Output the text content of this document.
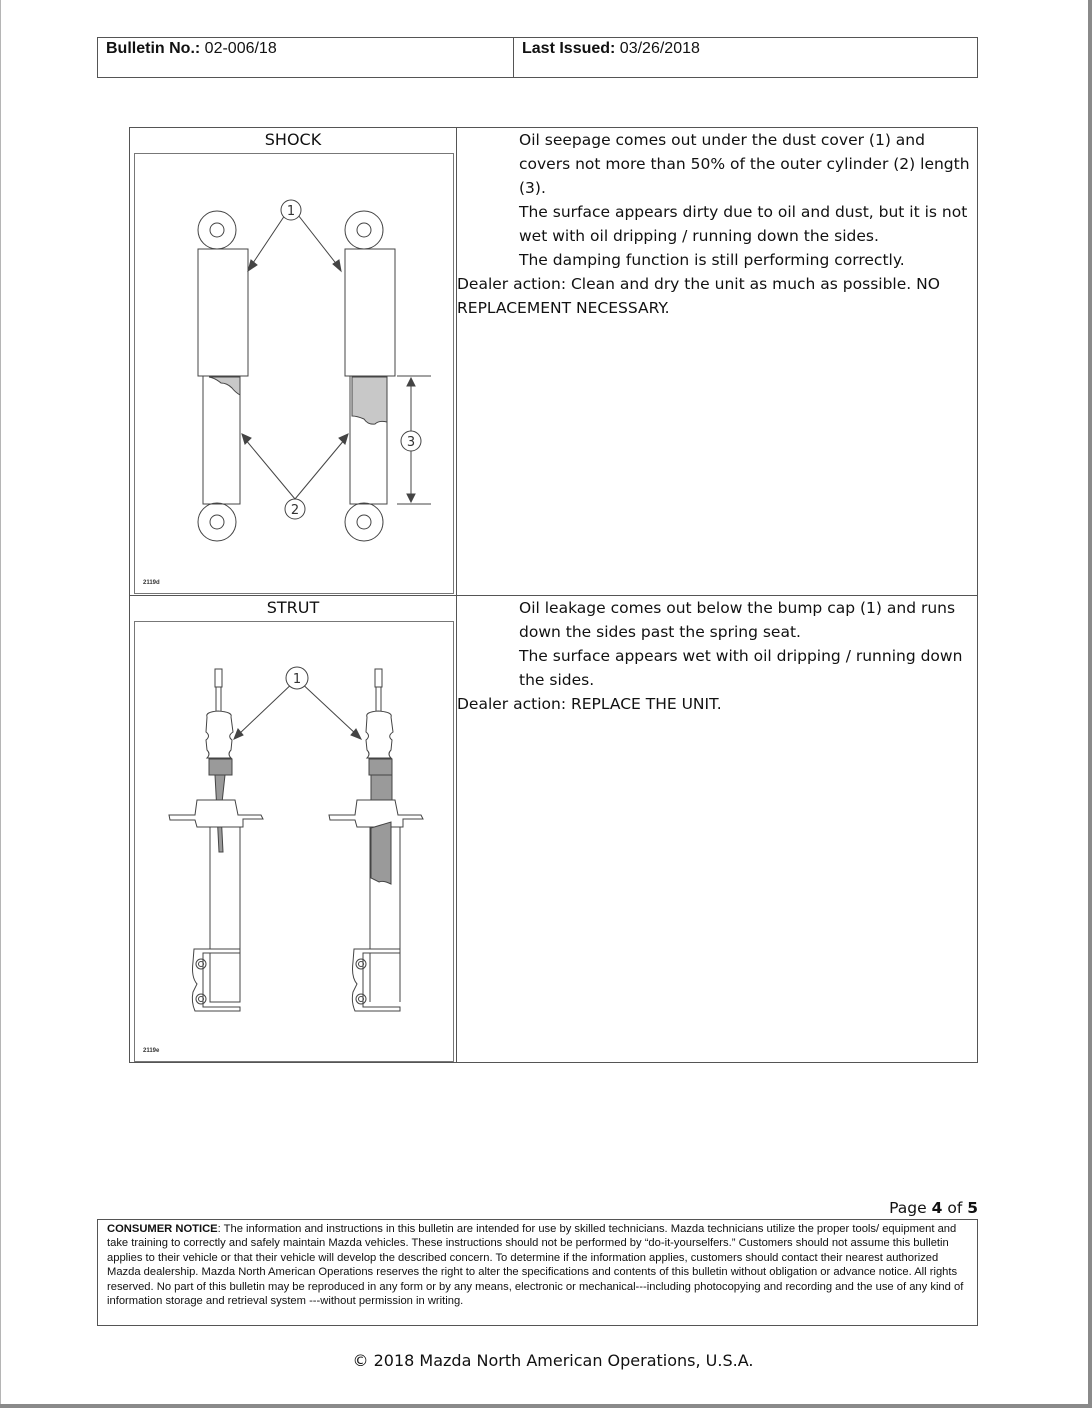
Bulletin No.: 02-006/18	Last Issued: 03/26/2018
SHOCK
1
2
3
2119d

Oil seepage comes out under the dust cover (1) and covers not more than 50% of the outer cylinder (2) length (3).

The surface appears dirty due to oil and dust, but it is not wet with oil dripping / running down the sides.

The damping function is still performing correctly.

Dealer action: Clean and dry the unit as much as possible. NO REPLACEMENT NECESSARY.

STRUT
1
2119e

Oil leakage comes out below the bump cap (1) and runs down the sides past the spring seat.

The surface appears wet with oil dripping / running down the sides.

Dealer action: REPLACE THE UNIT.

Page 4 of 5
CONSUMER NOTICE: The information and instructions in this bulletin are intended for use by skilled technicians. Mazda technicians utilize the proper tools/ equipment and take training to correctly and safely maintain Mazda vehicles. These instructions should not be performed by “do-it-yourselfers.” Customers should not assume this bulletin applies to their vehicle or that their vehicle will develop the described concern. To determine if the information applies, customers should contact their nearest authorized Mazda dealership. Mazda North American Operations reserves the right to alter the specifications and contents of this bulletin without obligation or advance notice. All rights reserved. No part of this bulletin may be reproduced in any form or by any means, electronic or mechanical---including photocopying and recording and the use of any kind of information storage and retrieval system ---without permission in writing.
© 2018 Mazda North American Operations, U.S.A.
